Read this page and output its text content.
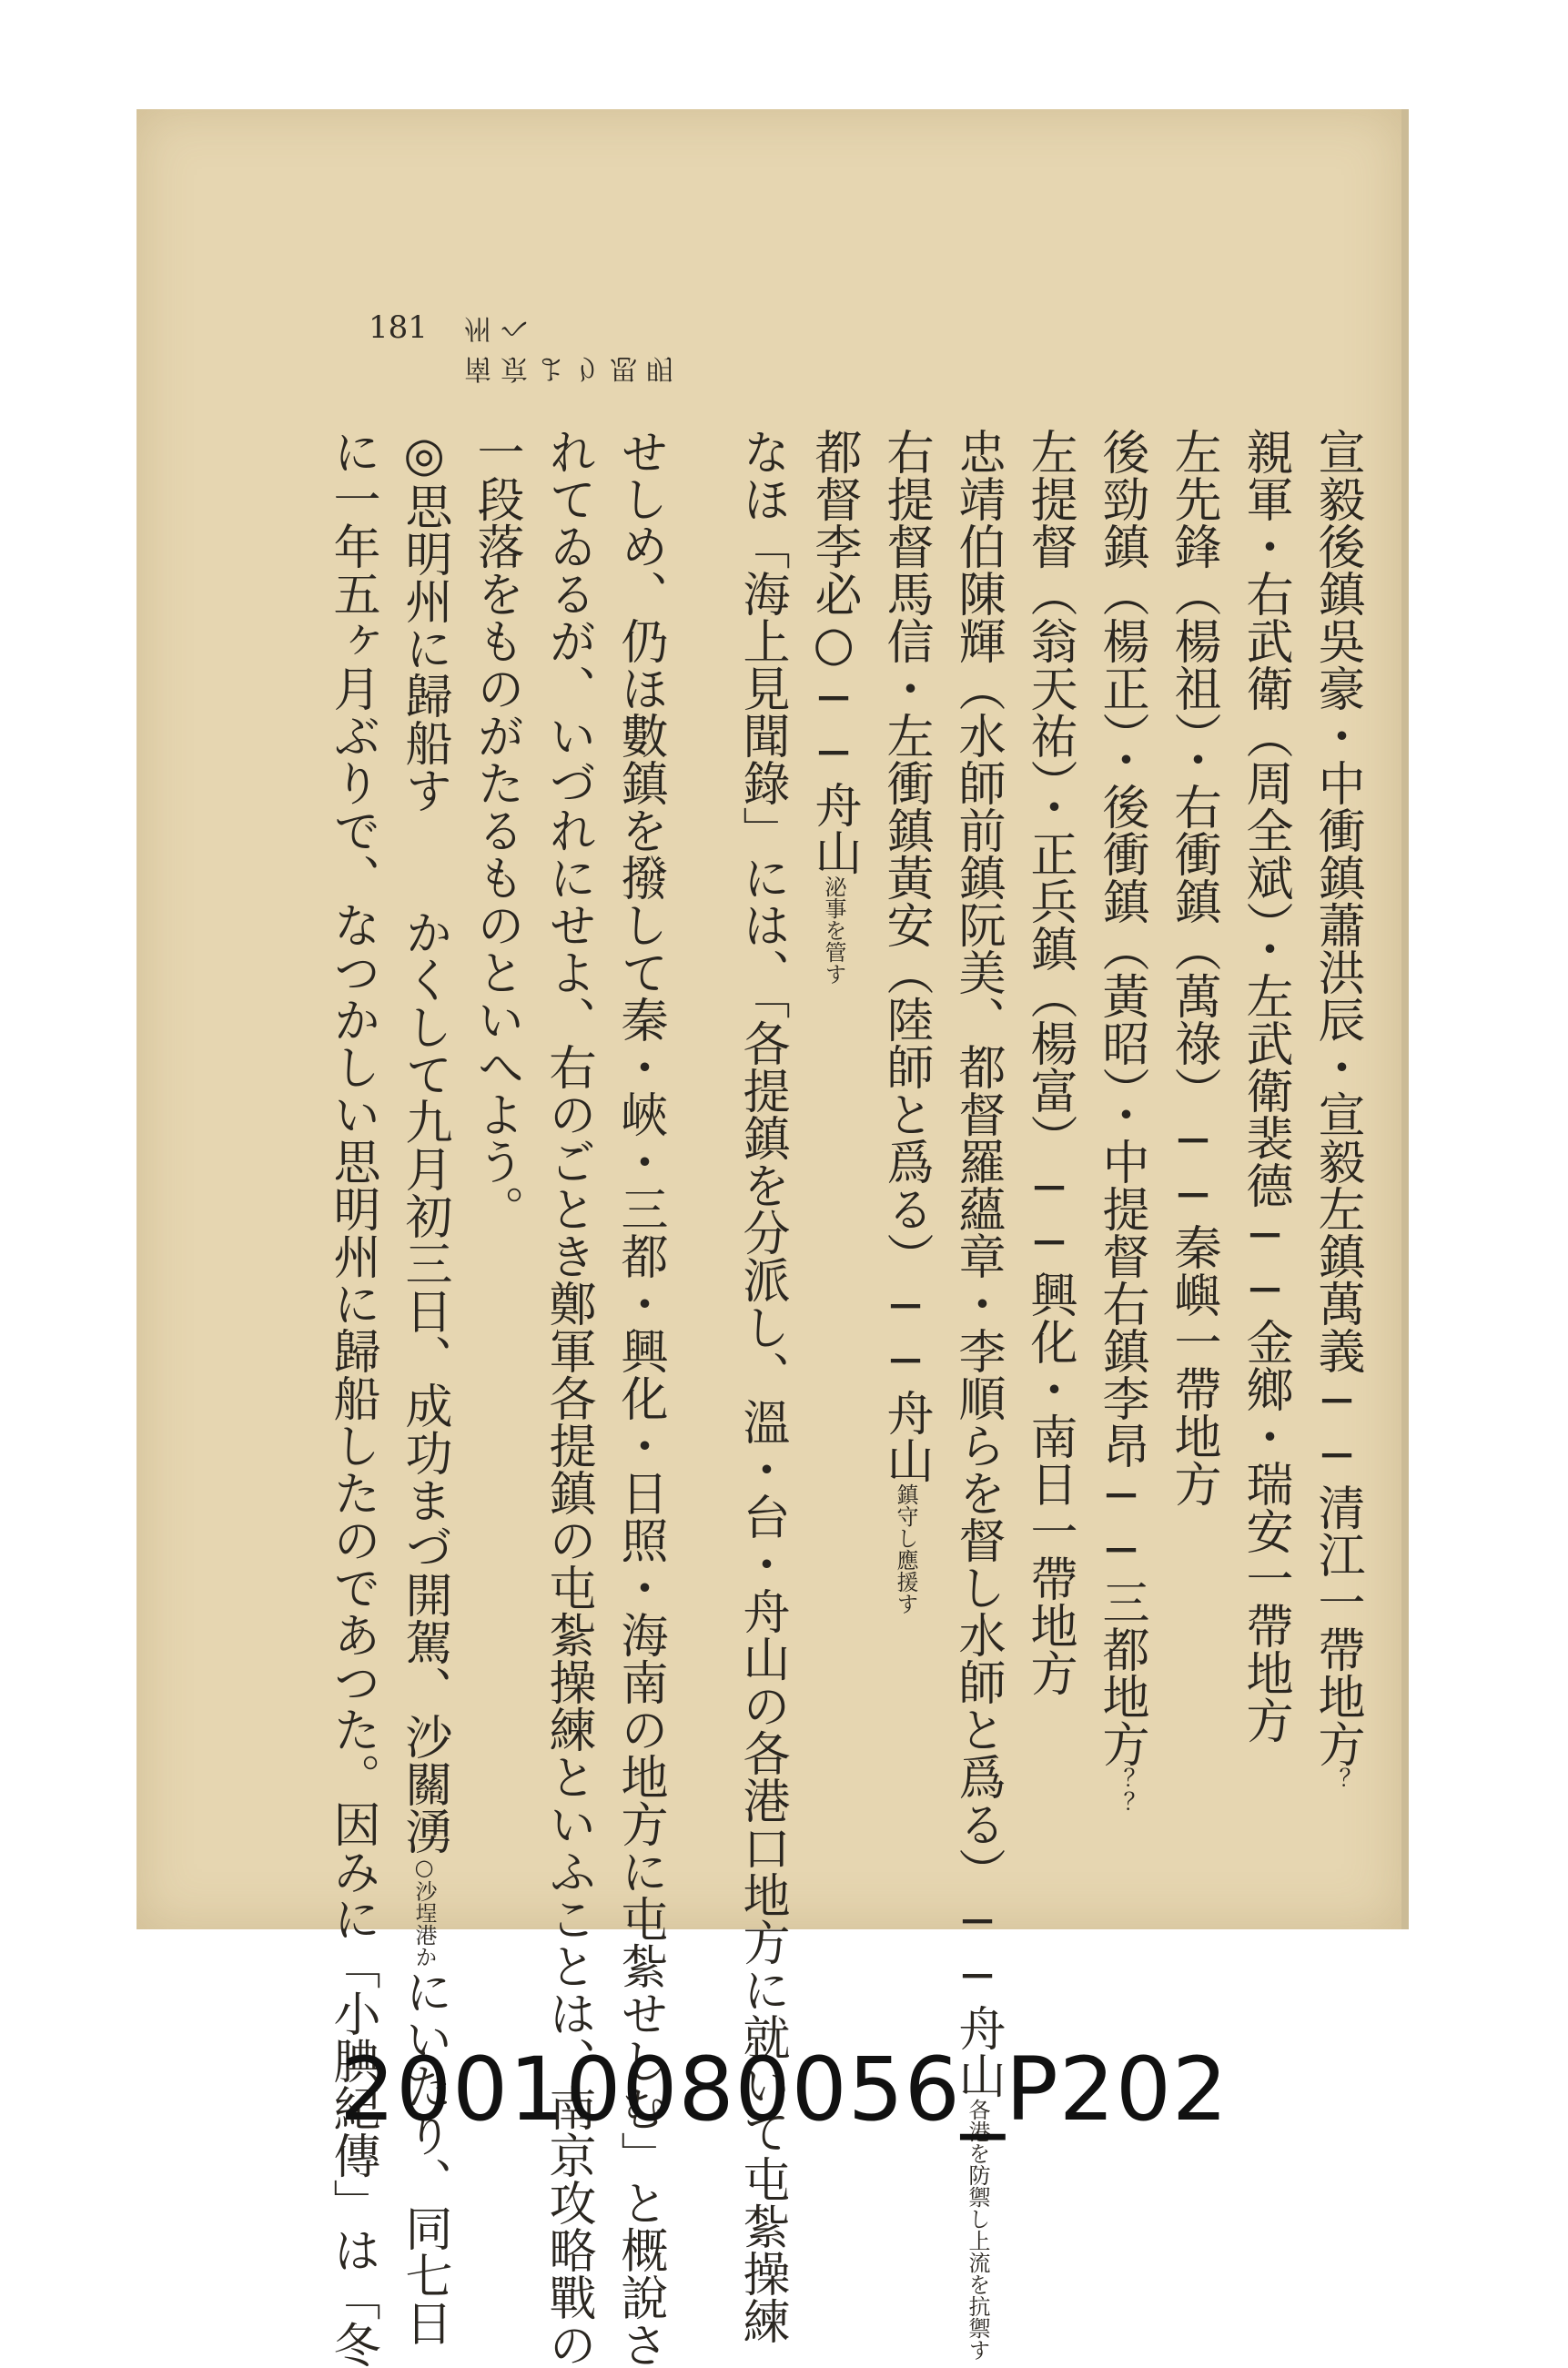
181
南京より思明州へ
宣毅後鎮吳豪・中衝鎮蕭洪辰・宣毅左鎮萬義──清江一帶地方？
親軍・右武衛（周全斌）・左武衛裴德──金鄉・瑞安一帶地方
左先鋒（楊祖）・右衝鎮（萬祿）──秦嶼一帶地方
後勁鎮（楊正）・後衝鎮（黃昭）・中提督右鎮李昂──三都地方？？
左提督（翁天祐）・正兵鎮（楊富）──興化・南日一帶地方
忠靖伯陳輝（水師前鎮阮美、都督羅蘊章・李順らを督し水師と爲る）──舟山各港を防禦し上流を抗禦す
右提督馬信・左衝鎮黃安（陸師と爲る）──舟山鎮守し應援す
都督李必○──舟山泌事を管す
なほ「海上見聞錄」には、「各提鎮を分派し、溫・台・舟山の各港口地方に就いて屯紮操練
せしめ、仍ほ數鎮を撥して秦・峽・三都・興化・日照・海南の地方に屯紮せしむ」と概說さ
れてゐるが、いづれにせよ、右のごとき鄭軍各提鎮の屯紮操練といふことは、南京攻略戰の
一段落をものがたるものといへよう。
◎思明州に歸船す　　かくして九月初三日、成功まづ開駕、沙關湧○沙埕港かにいたり、同七日
に一年五ヶ月ぶりで、なつかしい思明州に歸船したのであつた。因みに「小腆紀傳」は「冬
20010080056_P202
